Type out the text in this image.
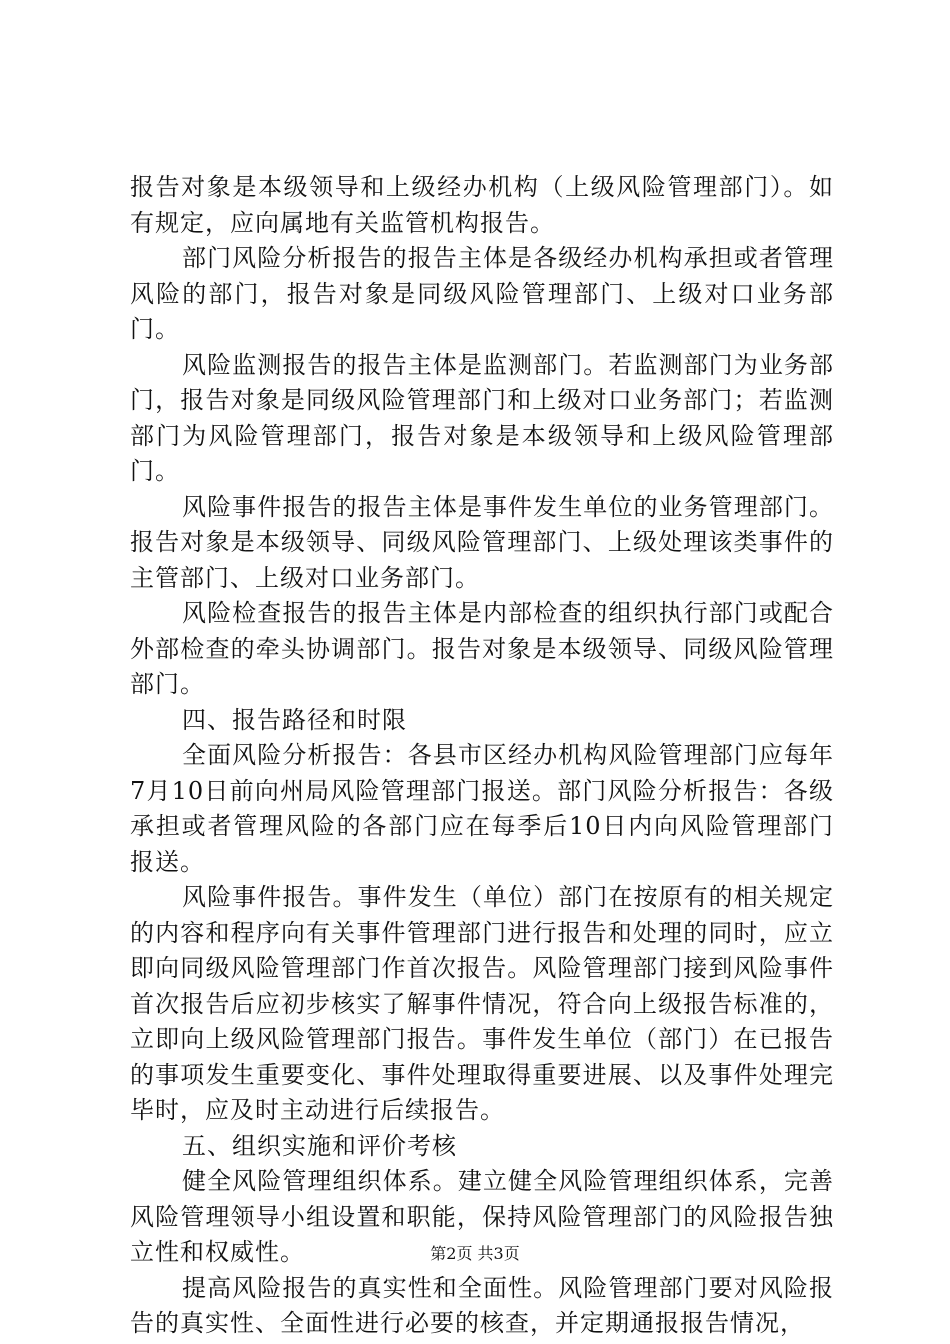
报告对象是本级领导和上级经办机构（上级风险管理部门）。如有规定，应向属地有关监管机构报告。

部门风险分析报告的报告主体是各级经办机构承担或者管理风险的部门，报告对象是同级风险管理部门、上级对口业务部门。

风险监测报告的报告主体是监测部门。若监测部门为业务部门，报告对象是同级风险管理部门和上级对口业务部门；若监测部门为风险管理部门，报告对象是本级领导和上级风险管理部门。

风险事件报告的报告主体是事件发生单位的业务管理部门。报告对象是本级领导、同级风险管理部门、上级处理该类事件的主管部门、上级对口业务部门。

风险检查报告的报告主体是内部检查的组织执行部门或配合外部检查的牵头协调部门。报告对象是本级领导、同级风险管理部门。

四、报告路径和时限

全面风险分析报告：各县市区经办机构风险管理部门应每年7月10日前向州局风险管理部门报送。部门风险分析报告：各级承担或者管理风险的各部门应在每季后10日内向风险管理部门报送。

风险事件报告。事件发生（单位）部门在按原有的相关规定的内容和程序向有关事件管理部门进行报告和处理的同时，应立即向同级风险管理部门作首次报告。风险管理部门接到风险事件首次报告后应初步核实了解事件情况，符合向上级报告标准的，立即向上级风险管理部门报告。事件发生单位（部门）在已报告的事项发生重要变化、事件处理取得重要进展、以及事件处理完毕时，应及时主动进行后续报告。

五、组织实施和评价考核

健全风险管理组织体系。建立健全风险管理组织体系，完善风险管理领导小组设置和职能，保持风险管理部门的风险报告独立性和权威性。

提高风险报告的真实性和全面性。风险管理部门要对风险报告的真实性、全面性进行必要的核查，并定期通报报告情况，

第2页 共3页
